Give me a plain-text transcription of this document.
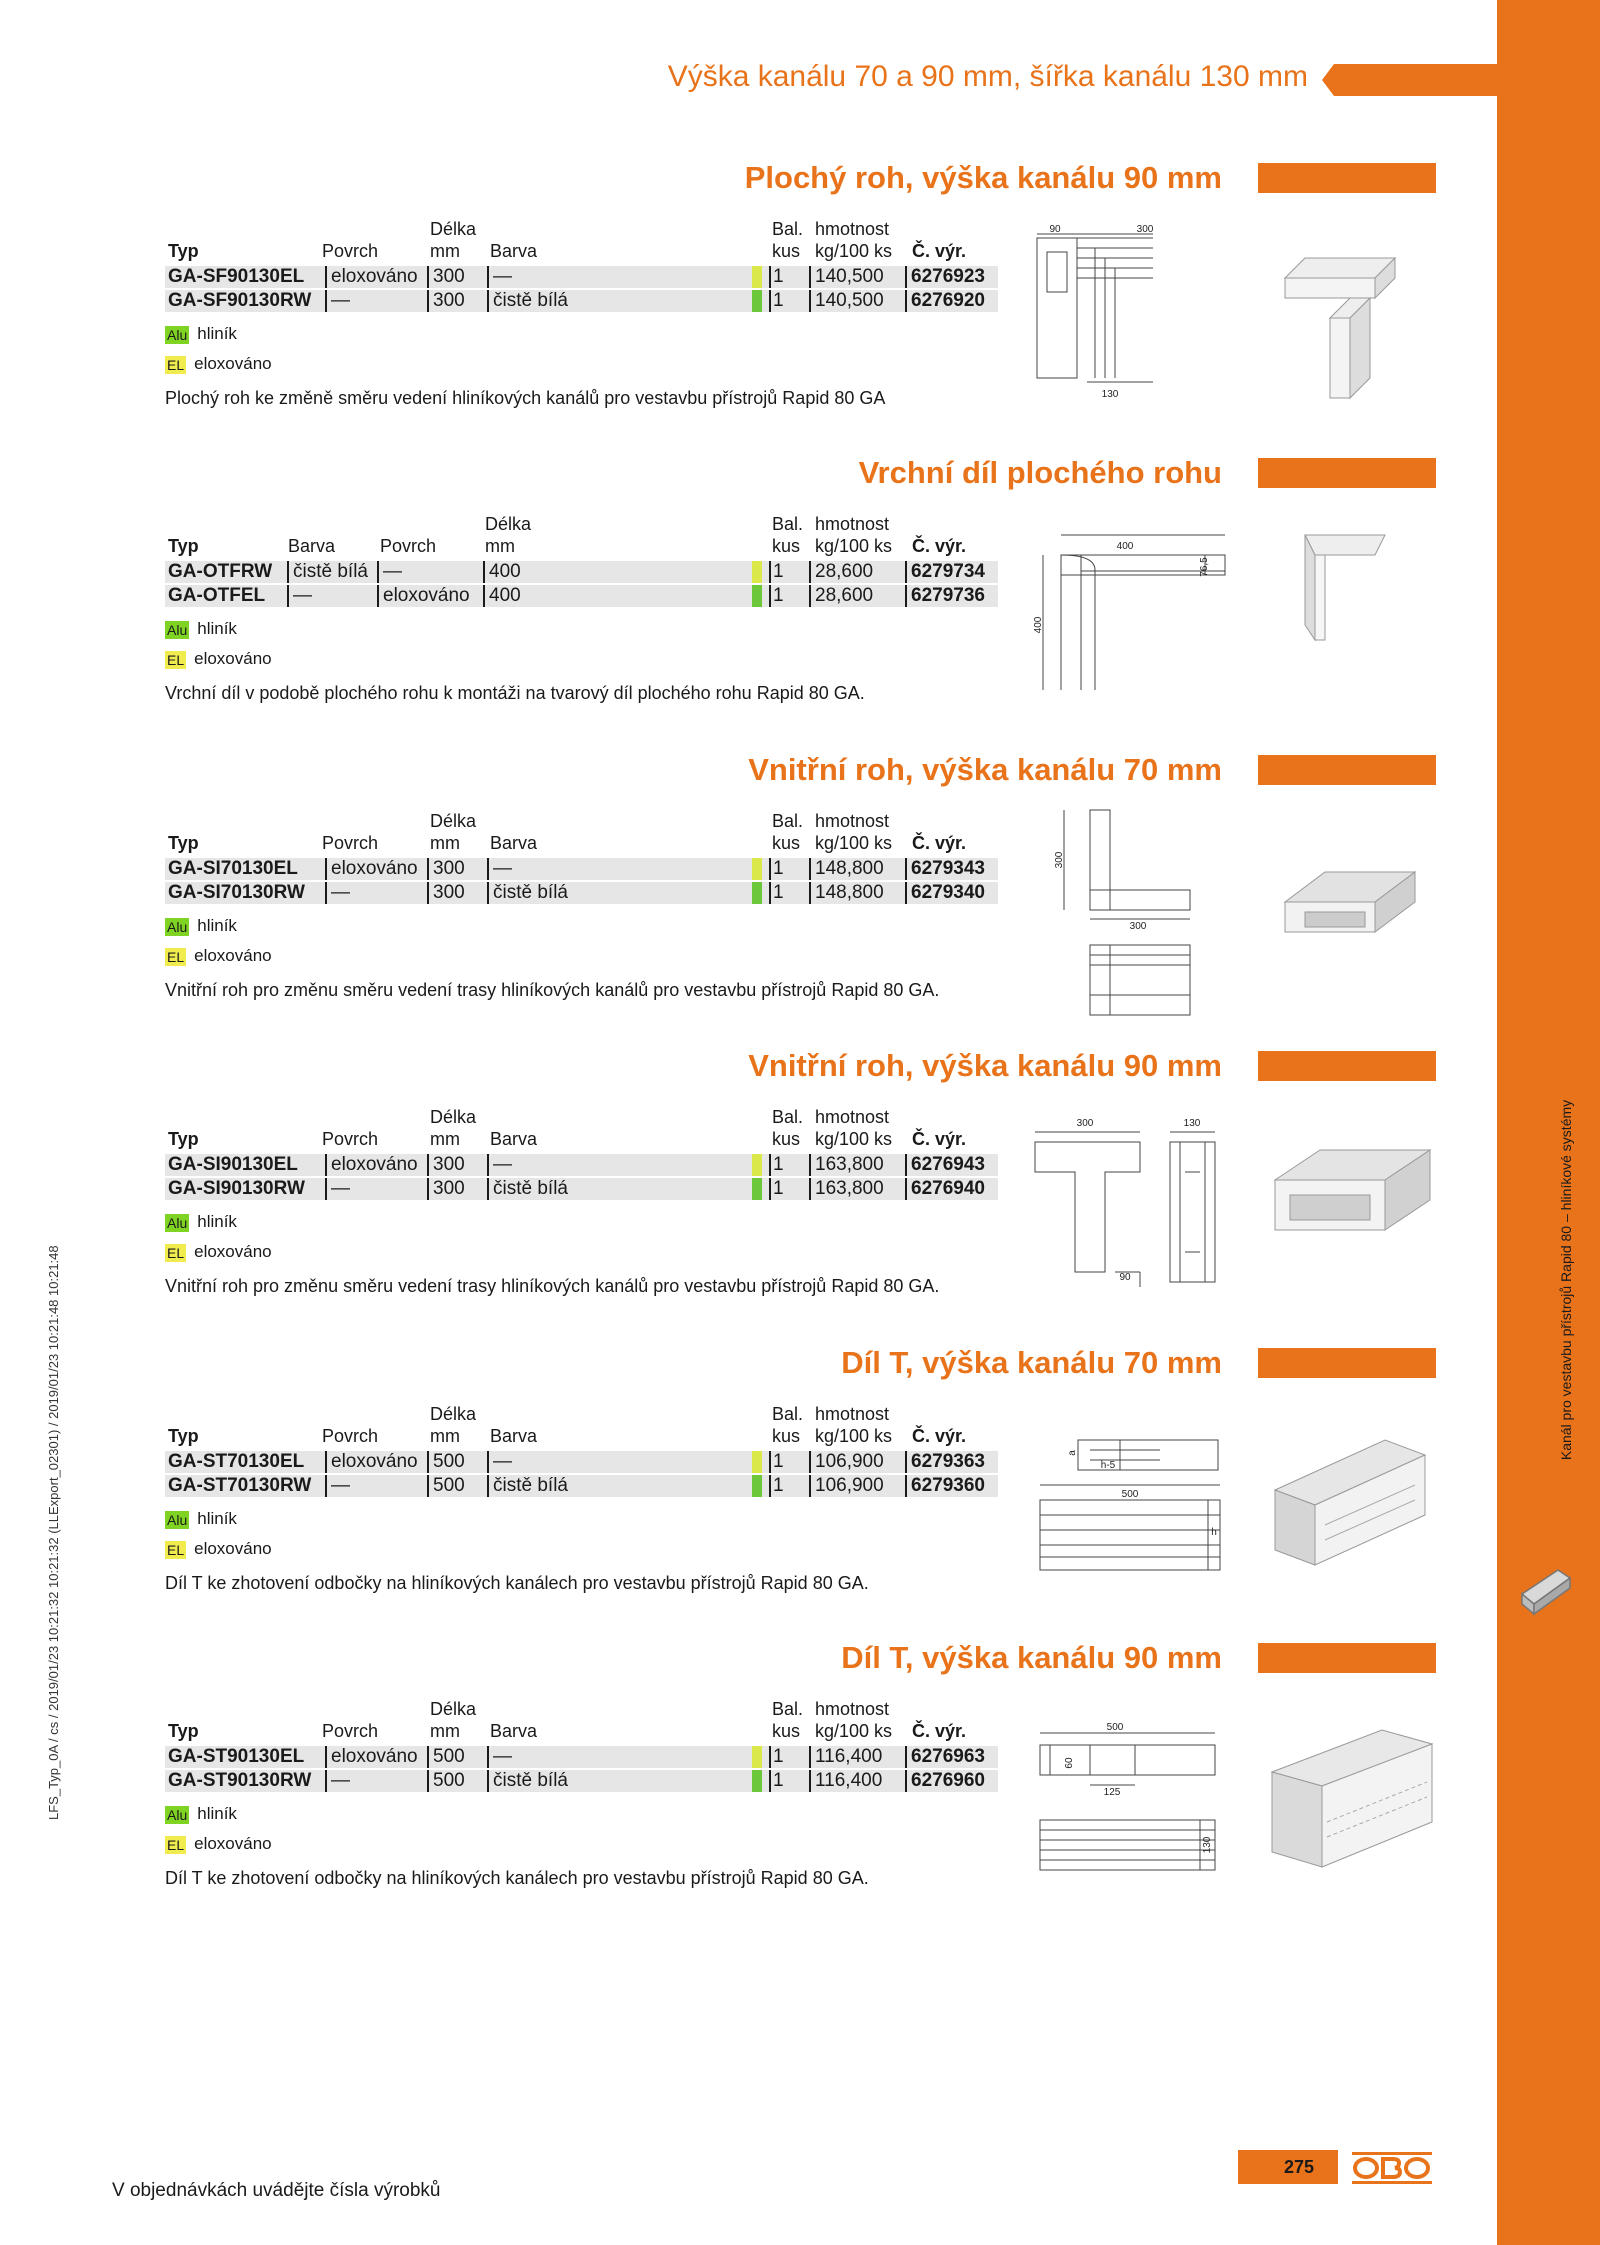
Kanál pro vestavbu přístrojů Rapid 80 – hliníkové systémy
LFS_Typ_0A / cs / 2019/01/23 10:21:32 10:21:32 (LLExport_02301) / 2019/01/23 10:21:48 10:21:48
Výška kanálu 70 a 90 mm, šířka kanálu 130 mm
Plochý roh, výška kanálu 90 mm
Délka	Bal. hmotnost
Typ	Povrch	mm Barva	kus kg/100 ks Č. výr.
GA-SF90130EL	eloxováno 300	—	1	140,500	6276923
GA-SF90130RW	—	300	čistě bílá	1	140,500	6276920
Alu hliník
EL eloxováno
Plochý roh ke změně směru vedení hliníkových kanálů pro vestavbu přístrojů Rapid 80 GA
Vrchní díl plochého rohu
Délka	Bal. hmotnost
Typ	Barva Povrch	mm	kus kg/100 ks Č. výr.
GA-OTFRW	čistě bílá —	400	1	28,600	6279734
GA-OTFEL	—	eloxováno	400	1	28,600	6279736
Alu hliník
EL eloxováno
Vrchní díl v podobě plochého rohu k montáži na tvarový díl plochého rohu Rapid 80 GA.
Vnitřní roh, výška kanálu 70 mm
Délka	Bal. hmotnost
Typ	Povrch	mm Barva	kus kg/100 ks Č. výr.
GA-SI70130EL	eloxováno 300	—	1	148,800	6279343
GA-SI70130RW	—	300	čistě bílá	1	148,800	6279340
Alu hliník
EL eloxováno
Vnitřní roh pro změnu směru vedení trasy hliníkových kanálů pro vestavbu přístrojů Rapid 80 GA.
Vnitřní roh, výška kanálu 90 mm
Délka	Bal. hmotnost
Typ	Povrch	mm Barva	kus kg/100 ks Č. výr.
GA-SI90130EL	eloxováno 300	—	1	163,800	6276943
GA-SI90130RW	—	300	čistě bílá	1	163,800	6276940
Alu hliník
EL eloxováno
Vnitřní roh pro změnu směru vedení trasy hliníkových kanálů pro vestavbu přístrojů Rapid 80 GA.
Díl T, výška kanálu 70 mm
Délka	Bal. hmotnost
Typ	Povrch	mm Barva	kus kg/100 ks Č. výr.
GA-ST70130EL	eloxováno 500	—	1	106,900	6279363
GA-ST70130RW	—	500	čistě bílá	1	106,900	6279360
Alu hliník
EL eloxováno
Díl T ke zhotovení odbočky na hliníkových kanálech pro vestavbu přístrojů Rapid 80 GA.
Díl T, výška kanálu 90 mm
Délka	Bal. hmotnost
Typ	Povrch	mm Barva	kus kg/100 ks Č. výr.
GA-ST90130EL	eloxováno 500	—	1	116,400	6276963
GA-ST90130RW	—	500	čistě bílá	1	116,400	6276960
Alu hliník
EL eloxováno
Díl T ke zhotovení odbočky na hliníkových kanálech pro vestavbu přístrojů Rapid 80 GA.
90	300
130
400
76,5
400
300
300
300	130
90
a
h-5
500
h
500
60
125
130
V objednávkách uvádějte čísla výrobků
275
